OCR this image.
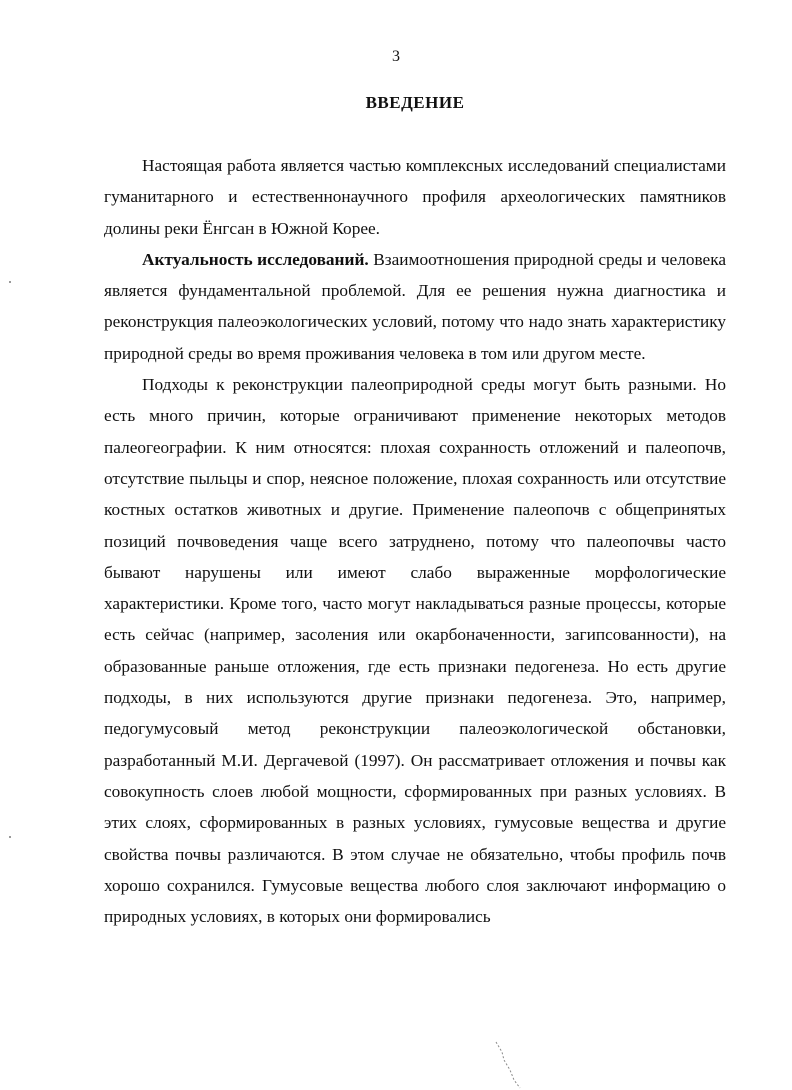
3
ВВЕДЕНИЕ

Настоящая работа является частью комплексных исследований специалистами гуманитарного и естественнонаучного профиля археологических памятников долины реки Ёнгсан в Южной Корее.

Актуальность исследований. Взаимоотношения природной среды и человека является фундаментальной проблемой. Для ее решения нужна диагностика и реконструкция палеоэкологических условий, потому что надо знать характеристику природной среды во время проживания человека в том или другом месте.

Подходы к реконструкции палеоприродной среды могут быть разными. Но есть много причин, которые ограничивают применение некоторых методов палеогеографии. К ним относятся: плохая сохранность отложений и палеопочв, отсутствие пыльцы и спор, неясное положение, плохая сохранность или отсутствие костных остатков животных и другие. Применение палеопочв с общепринятых позиций почвоведения чаще всего затруднено, потому что палеопочвы часто бывают нарушены или имеют слабо выраженные морфологические характеристики. Кроме того, часто могут накладываться разные процессы, которые есть сейчас (например, засоления или окарбоначенности, загипсованности), на образованные раньше отложения, где есть признаки педогенеза. Но есть другие подходы, в них используются другие признаки педогенеза. Это, например, педогумусовый метод реконструкции палеоэкологической обстановки, разработанный М.И. Дергачевой (1997). Он рассматривает отложения и почвы как совокупность слоев любой мощности, сформированных при разных условиях. В этих слоях, сформированных в разных условиях, гумусовые вещества и другие свойства почвы различаются. В этом случае не обязательно, чтобы профиль почв хорошо сохранился. Гумусовые вещества любого слоя заключают информацию о природных условиях, в которых они формировались
